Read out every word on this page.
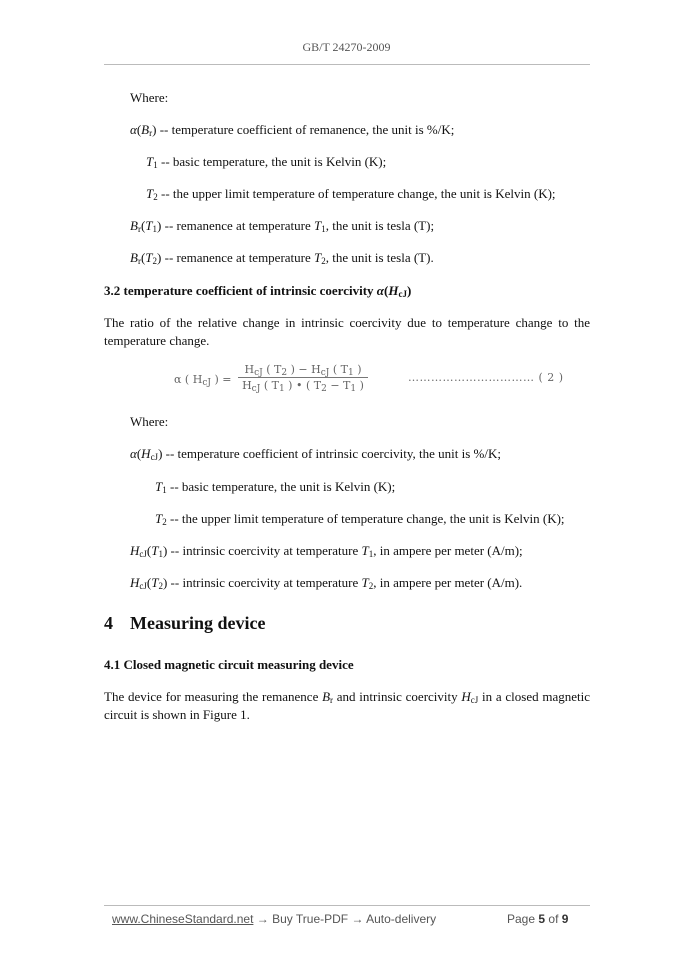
GB/T 24270-2009
Where:
$\alpha(B_r)$ -- temperature coefficient of remanence, the unit is %/K;
$T_1$ -- basic temperature, the unit is Kelvin (K);
$T_2$ -- the upper limit temperature of temperature change, the unit is Kelvin (K);
$B_r(T_1)$ -- remanence at temperature $T_1$, the unit is tesla (T);
$B_r(T_2)$ -- remanence at temperature $T_2$, the unit is tesla (T).
3.2 temperature coefficient of intrinsic coercivity $\alpha(H_{cJ})$
The ratio of the relative change in intrinsic coercivity due to temperature change to the temperature change.
α ( $H_{cJ}$ ) =
$H_{cJ}$ ( $T_2$ ) − $H_{cJ}$ ( $T_1$ )
$H_{cJ}$ ( $T_1$ ) • ( $T_2 - T_1$ )
…………………………… ( 2 )
Where:
$\alpha(H_{cJ})$ -- temperature coefficient of intrinsic coercivity, the unit is %/K;
$T_1$ -- basic temperature, the unit is Kelvin (K);
$T_2$ -- the upper limit temperature of temperature change, the unit is Kelvin (K);
$H_{cJ}(T_1)$ -- intrinsic coercivity at temperature $T_1$, in ampere per meter (A/m);
$H_{cJ}(T_2)$ -- intrinsic coercivity at temperature $T_2$, in ampere per meter (A/m).
4 Measuring device
4.1 Closed magnetic circuit measuring device
The device for measuring the remanence $B_r$ and intrinsic coercivity $H_{cJ}$ in a closed magnetic circuit is shown in Figure 1.
www.ChineseStandard.net → Buy True-PDF → Auto-delivery	Page 5 of 9
